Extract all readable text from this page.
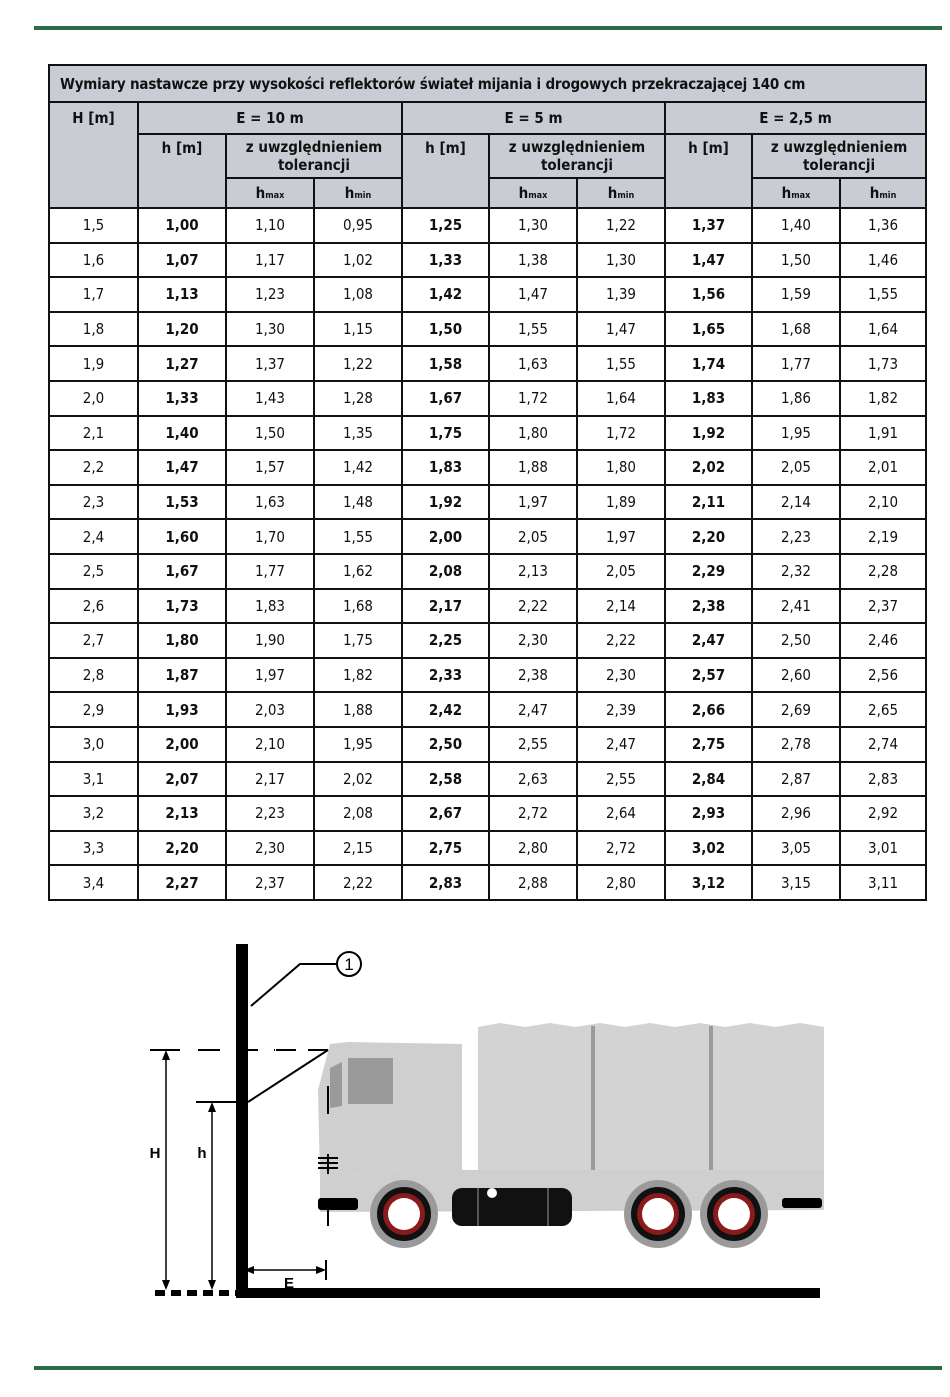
Wymiary nastawcze przy wysokości reflektorów świateł mijania i drogowych przekraczającej 140 cm									
H [m]	E = 10 m			E = 5 m			E = 2,5 m		
	h [m]	z uwzględnieniem tolerancji		h [m]	z uwzględnieniem tolerancji		h [m]	z uwzględnieniem tolerancji	
		hmax	hmin		hmax	hmin		hmax	hmin
1,5	1,00	1,10	0,95	1,25	1,30	1,22	1,37	1,40	1,36
1,6	1,07	1,17	1,02	1,33	1,38	1,30	1,47	1,50	1,46
1,7	1,13	1,23	1,08	1,42	1,47	1,39	1,56	1,59	1,55
1,8	1,20	1,30	1,15	1,50	1,55	1,47	1,65	1,68	1,64
1,9	1,27	1,37	1,22	1,58	1,63	1,55	1,74	1,77	1,73
2,0	1,33	1,43	1,28	1,67	1,72	1,64	1,83	1,86	1,82
2,1	1,40	1,50	1,35	1,75	1,80	1,72	1,92	1,95	1,91
2,2	1,47	1,57	1,42	1,83	1,88	1,80	2,02	2,05	2,01
2,3	1,53	1,63	1,48	1,92	1,97	1,89	2,11	2,14	2,10
2,4	1,60	1,70	1,55	2,00	2,05	1,97	2,20	2,23	2,19
2,5	1,67	1,77	1,62	2,08	2,13	2,05	2,29	2,32	2,28
2,6	1,73	1,83	1,68	2,17	2,22	2,14	2,38	2,41	2,37
2,7	1,80	1,90	1,75	2,25	2,30	2,22	2,47	2,50	2,46
2,8	1,87	1,97	1,82	2,33	2,38	2,30	2,57	2,60	2,56
2,9	1,93	2,03	1,88	2,42	2,47	2,39	2,66	2,69	2,65
3,0	2,00	2,10	1,95	2,50	2,55	2,47	2,75	2,78	2,74
3,1	2,07	2,17	2,02	2,58	2,63	2,55	2,84	2,87	2,83
3,2	2,13	2,23	2,08	2,67	2,72	2,64	2,93	2,96	2,92
3,3	2,20	2,30	2,15	2,75	2,80	2,72	3,02	3,05	3,01
3,4	2,27	2,37	2,22	2,83	2,88	2,80	3,12	3,15	3,11
1
H h
E
